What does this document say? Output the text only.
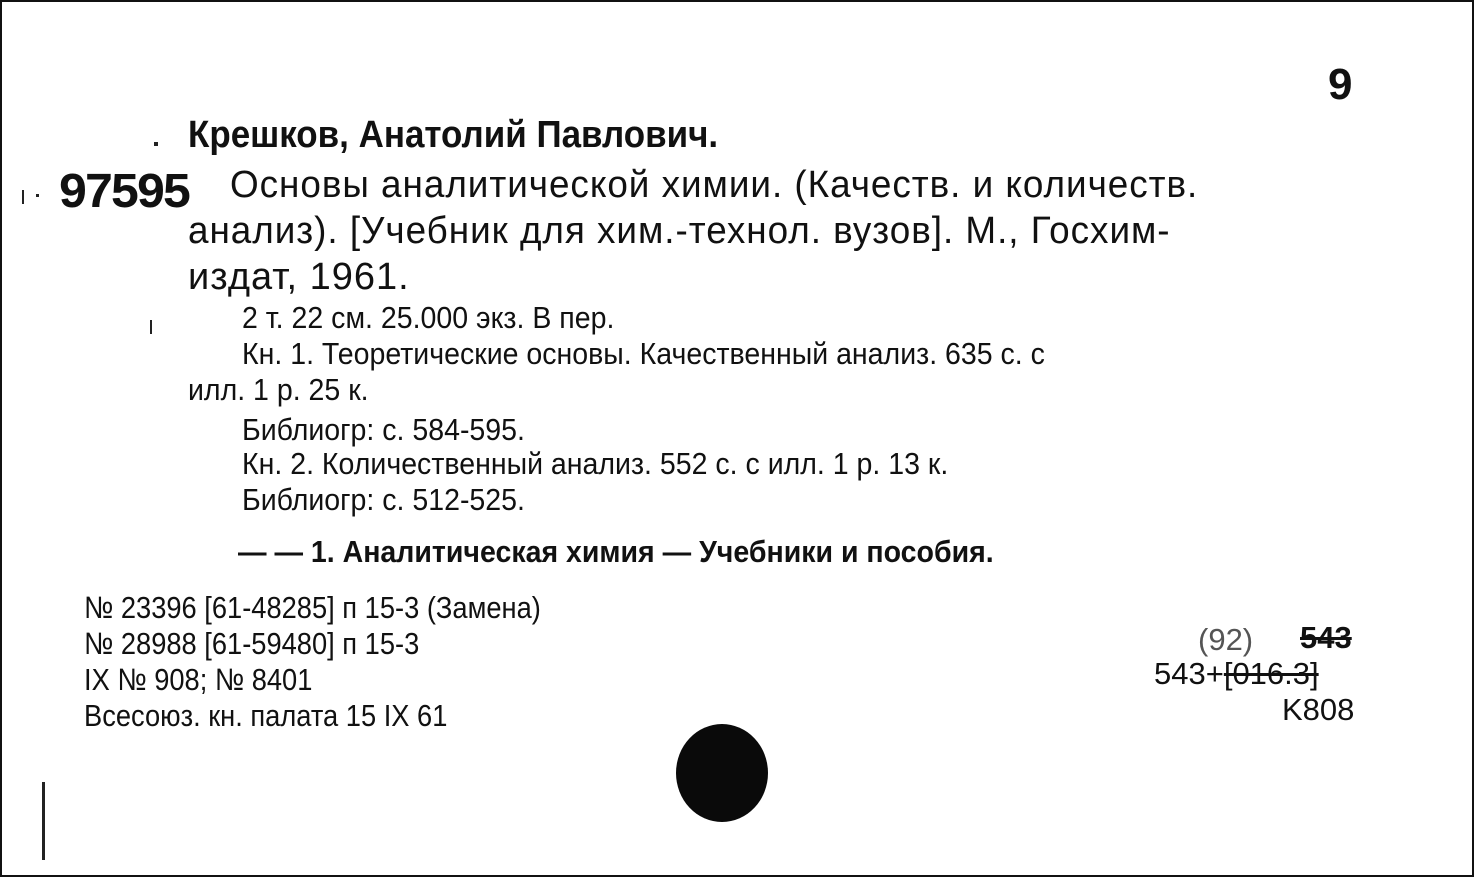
9
Крешков, Анатолий Павлович.
97595 Основы аналитической химии. (Качеств. и количеств.
анализ). [Учебник для хим.-технол. вузов]. М., Госхим-
издат, 1961.
2 т. 22 см. 25.000 экз. В пер.
Кн. 1. Теоретические основы. Качественный анализ. 635 с. с
илл. 1 р. 25 к.
Библиогр: с. 584-595.
Кн. 2. Количественный анализ. 552 с. с илл. 1 р. 13 к.
Библиогр: с. 512-525.
— — 1. Аналитическая химия — Учебники и пособия.
№ 23396 [61-48285] п 15-3 (Замена)
№ 28988 [61-59480] п 15-3
IX № 908; № 8401
Всесоюз. кн. палата 15 IX 61
(92) 543
543+[016.3]
K808
